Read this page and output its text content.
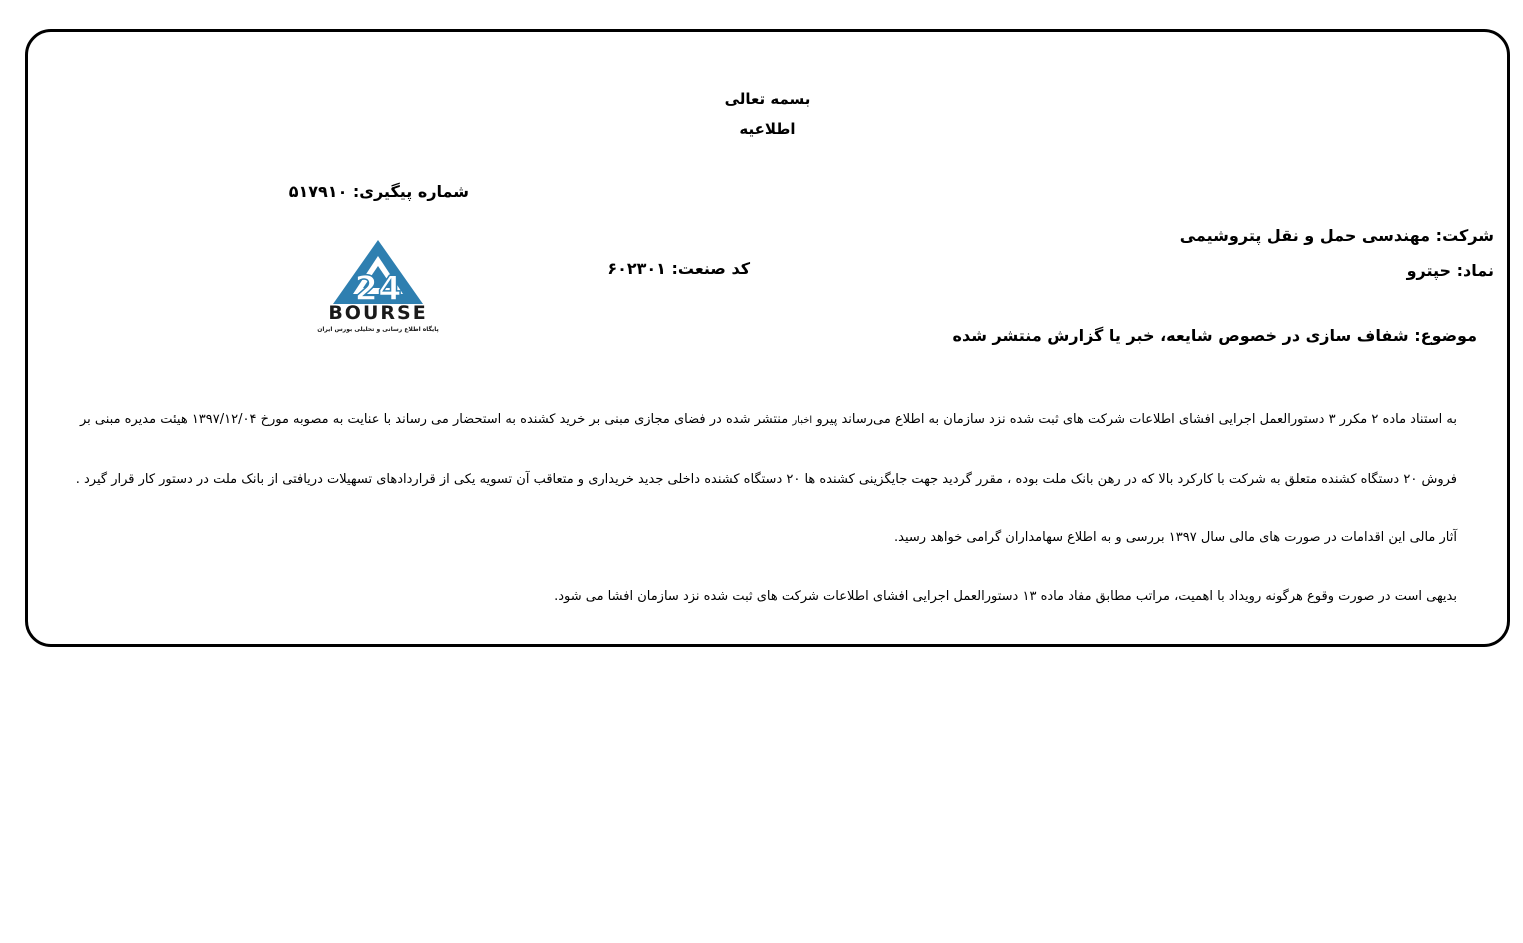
بسمه تعالی
اطلاعیه
شماره پیگیری: ۵۱۷۹۱۰
24
BOURSE
پایگاه اطلاع رسانی و تحلیلی بورس ایران
شرکت: مهندسی حمل و نقل پتروشیمی
کد صنعت: ۶۰۲۳۰۱	نماد: حپترو
موضوع: شفاف سازی در خصوص شایعه، خبر یا گزارش منتشر شده
به استناد ماده ۲ مکرر ۳ دستورالعمل اجرایی افشای اطلاعات شرکت های ثبت شده نزد سازمان به اطلاع می‌رساند پیرو اخبار منتشر شده در فضای مجازی مبنی بر خرید کشنده به استحضار می رساند با عنایت به مصوبه مورخ ۱۳۹۷/۱۲/۰۴ هیئت مدیره مبنی بر
فروش ۲۰ دستگاه کشنده متعلق به شرکت با کارکرد بالا که در رهن بانک ملت بوده ، مقرر گردید جهت جایگزینی کشنده ها ۲۰ دستگاه کشنده داخلی جدید خریداری و متعاقب آن تسویه یکی از قراردادهای تسهیلات دریافتی از بانک ملت در دستور کار قرار گیرد .
آثار مالی این اقدامات در صورت های مالی سال ۱۳۹۷ بررسی و به اطلاع سهامداران گرامی خواهد رسید.
بدیهی است در صورت وقوع هرگونه رویداد با اهمیت، مراتب مطابق مفاد ماده ۱۳ دستورالعمل اجرایی افشای اطلاعات شرکت های ثبت شده نزد سازمان افشا می شود.
